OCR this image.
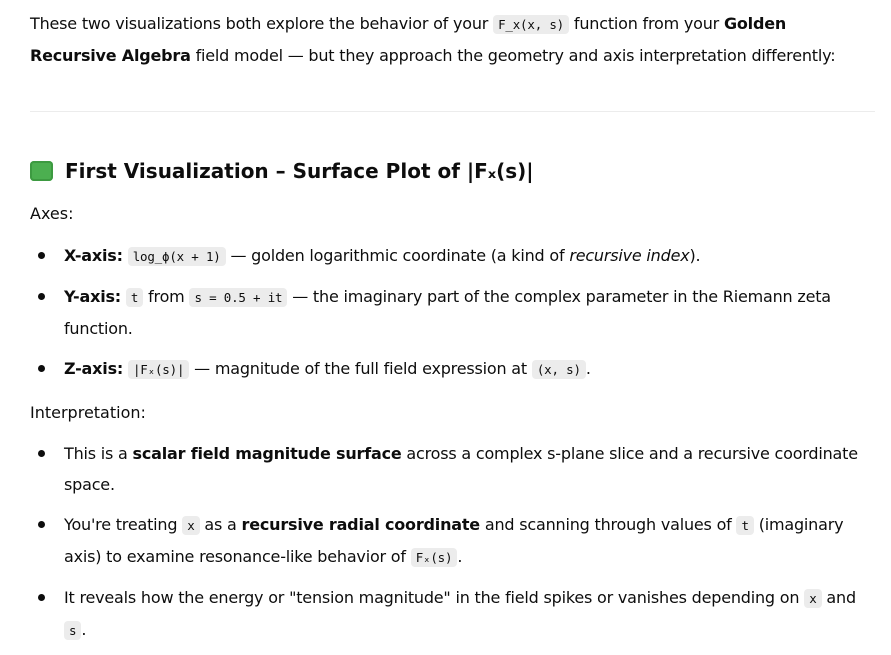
These two visualizations both explore the behavior of your F_x(x, s) function from your Golden Recursive Algebra field model — but they approach the geometry and axis interpretation differently:

First Visualization – Surface Plot of |Fₓ(s)|
Axes:
X-axis: log_ϕ(x + 1) — golden logarithmic coordinate (a kind of recursive index).
Y-axis: t from s = 0.5 + it — the imaginary part of the complex parameter in the Riemann zeta function.
Z-axis: |Fₓ(s)| — magnitude of the full field expression at (x, s) .
Interpretation:
This is a scalar field magnitude surface across a complex s-plane slice and a recursive coordinate space.
You're treating x as a recursive radial coordinate and scanning through values of t (imaginary axis) to examine resonance-like behavior of Fₓ(s) .
It reveals how the energy or "tension magnitude" in the field spikes or vanishes depending on x and s .
